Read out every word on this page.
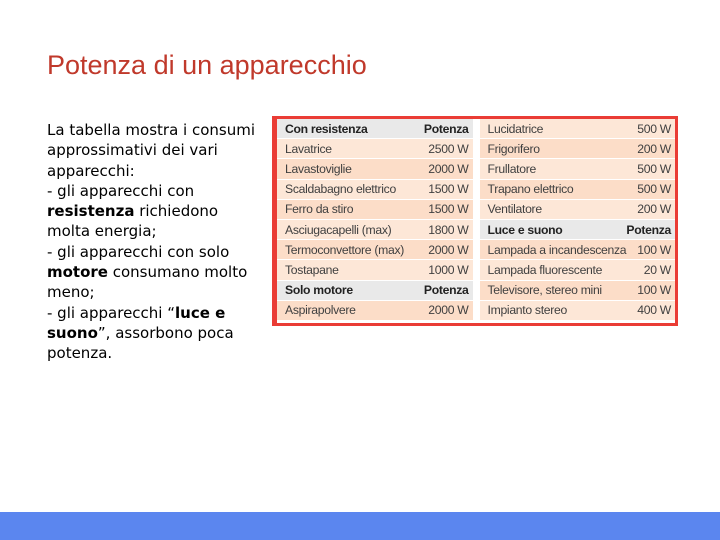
Potenza di un apparecchio
La tabella mostra i consumi approssimativi dei vari apparecchi:
- gli apparecchi con resistenza richiedono molta energia;
- gli apparecchi con solo motore consumano molto meno;
- gli apparecchi “luce e suono”, assorbono poca potenza.
Con resistenza	Potenza
Lavatrice	2500 W
Lavastoviglie	2000 W
Scaldabagno elettrico	1500 W
Ferro da stiro	1500 W
Asciugacapelli (max)	1800 W
Termoconvettore (max) 2000 W
Tostapane	1000 W
Solo motore	Potenza
Aspirapolvere	2000 W
Lucidatrice	500 W
Frigorifero	200 W
Frullatore	500 W
Trapano elettrico	500 W
Ventilatore	200 W
Luce e suono	Potenza
Lampada a incandescenza 100 W
Lampada fluorescente	20 W
Televisore, stereo mini	100 W
Impianto stereo	400 W
